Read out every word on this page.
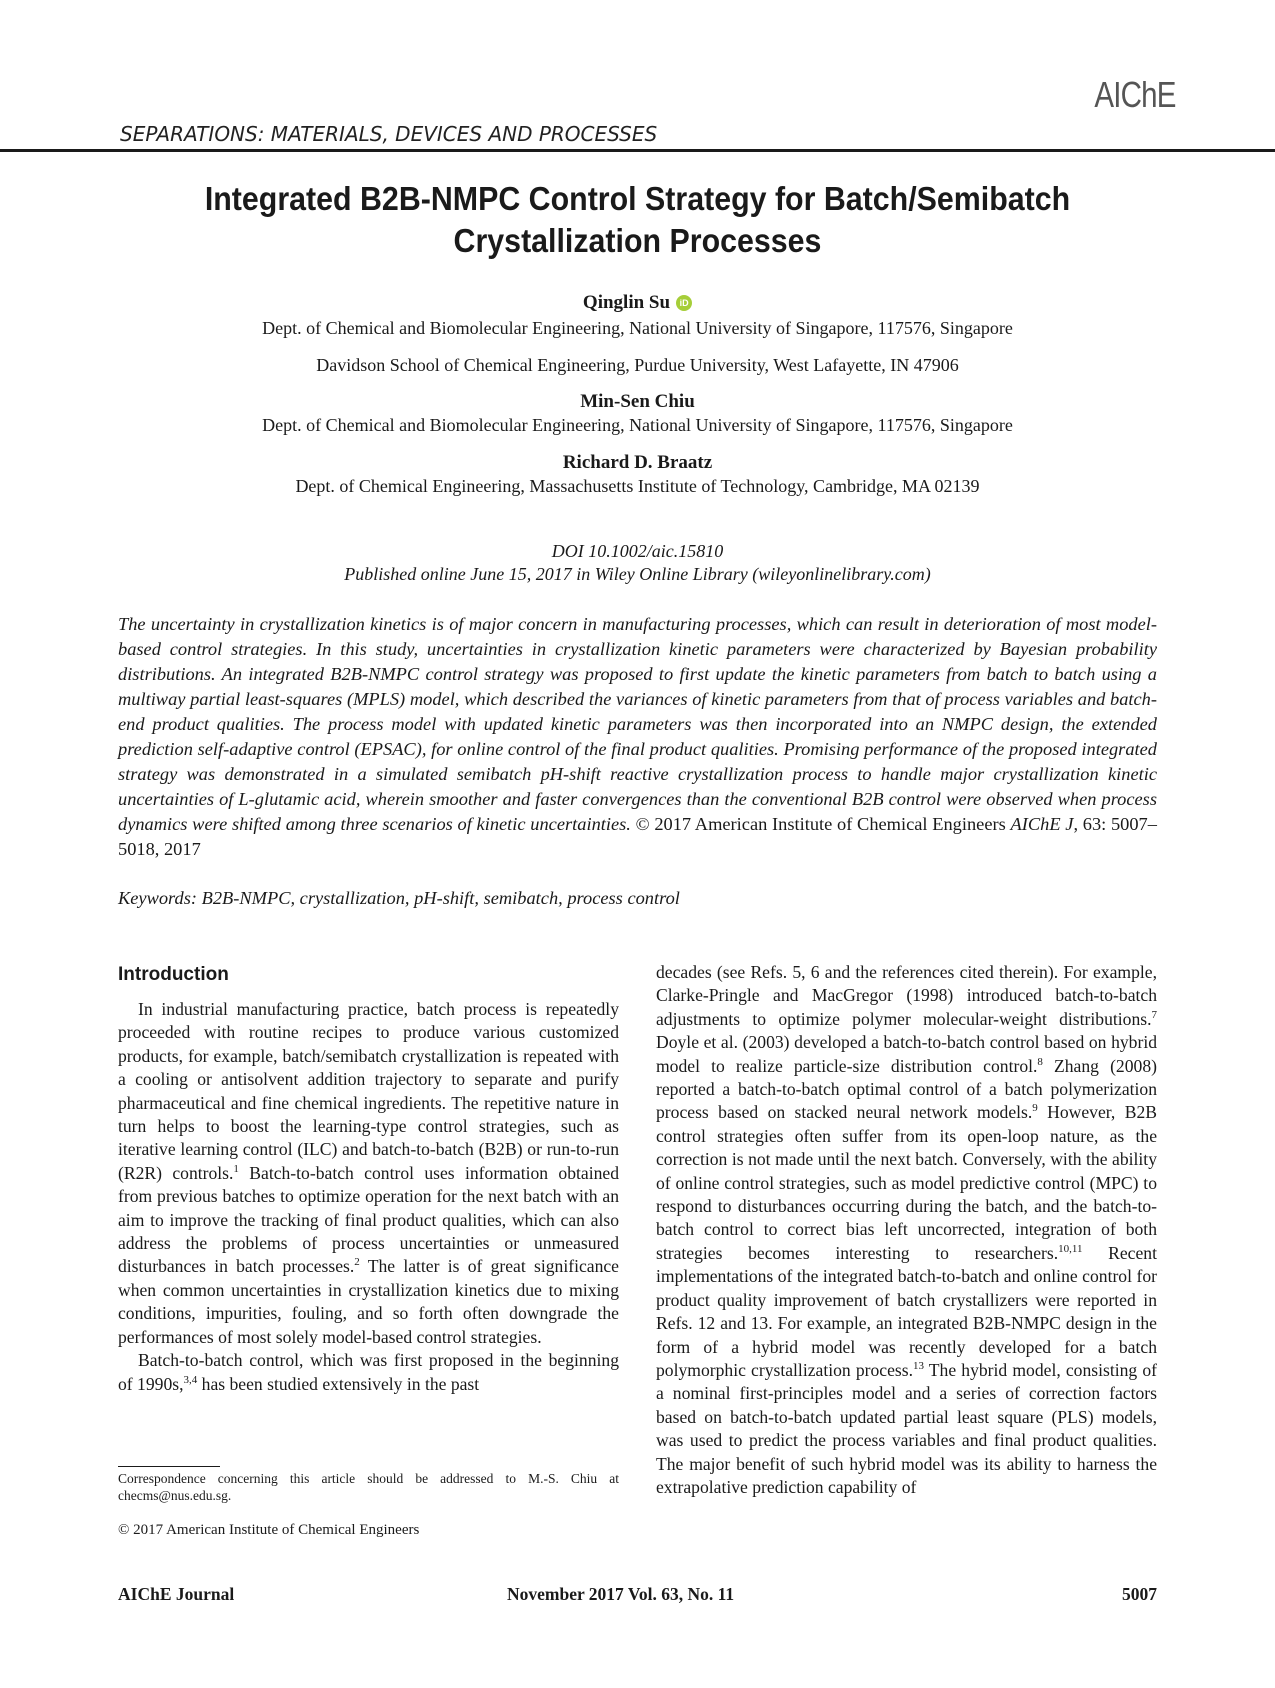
AIChE
SEPARATIONS: MATERIALS, DEVICES AND PROCESSES
Integrated B2B-NMPC Control Strategy for Batch/Semibatch
Crystallization Processes
Qinglin Su iD
Dept. of Chemical and Biomolecular Engineering, National University of Singapore, 117576, Singapore
Davidson School of Chemical Engineering, Purdue University, West Lafayette, IN 47906
Min-Sen Chiu
Dept. of Chemical and Biomolecular Engineering, National University of Singapore, 117576, Singapore
Richard D. Braatz
Dept. of Chemical Engineering, Massachusetts Institute of Technology, Cambridge, MA 02139
DOI 10.1002/aic.15810
Published online June 15, 2017 in Wiley Online Library (wileyonlinelibrary.com)
The uncertainty in crystallization kinetics is of major concern in manufacturing processes, which can result in deterioration of most model-based control strategies. In this study, uncertainties in crystallization kinetic parameters were characterized by Bayesian probability distributions. An integrated B2B-NMPC control strategy was proposed to first update the kinetic parameters from batch to batch using a multiway partial least-squares (MPLS) model, which described the variances of kinetic parameters from that of process variables and batch-end product qualities. The process model with updated kinetic parameters was then incorporated into an NMPC design, the extended prediction self-adaptive control (EPSAC), for online control of the final product qualities. Promising performance of the proposed integrated strategy was demonstrated in a simulated semibatch pH-shift reactive crystallization process to handle major crystallization kinetic uncertainties of L-glutamic acid, wherein smoother and faster convergences than the conventional B2B control were observed when process dynamics were shifted among three scenarios of kinetic uncertainties. © 2017 American Institute of Chemical Engineers AIChE J, 63: 5007–5018, 2017
Keywords: B2B-NMPC, crystallization, pH-shift, semibatch, process control
Introduction

In industrial manufacturing practice, batch process is repeatedly proceeded with routine recipes to produce various customized products, for example, batch/semibatch crystallization is repeated with a cooling or antisolvent addition trajectory to separate and purify pharmaceutical and fine chemical ingredients. The repetitive nature in turn helps to boost the learning-type control strategies, such as iterative learning control (ILC) and batch-to-batch (B2B) or run-to-run (R2R) controls.$^1$ Batch-to-batch control uses information obtained from previous batches to optimize operation for the next batch with an aim to improve the tracking of final product qualities, which can also address the problems of process uncertainties or unmeasured disturbances in batch processes.$^2$ The latter is of great significance when common uncertainties in crystallization kinetics due to mixing conditions, impurities, fouling, and so forth often downgrade the performances of most solely model-based control strategies.

Batch-to-batch control, which was first proposed in the beginning of 1990s,$^{3,4}$ has been studied extensively in the past

decades (see Refs. 5, 6 and the references cited therein). For example, Clarke-Pringle and MacGregor (1998) introduced batch-to-batch adjustments to optimize polymer molecular-weight distributions.$^7$ Doyle et al. (2003) developed a batch-to-batch control based on hybrid model to realize particle-size distribution control.$^8$ Zhang (2008) reported a batch-to-batch optimal control of a batch polymerization process based on stacked neural network models.$^9$ However, B2B control strategies often suffer from its open-loop nature, as the correction is not made until the next batch. Conversely, with the ability of online control strategies, such as model predictive control (MPC) to respond to disturbances occurring during the batch, and the batch-to-batch control to correct bias left uncorrected, integration of both strategies becomes interesting to researchers.$^{10,11}$ Recent implementations of the integrated batch-to-batch and online control for product quality improvement of batch crystallizers were reported in Refs. 12 and 13. For example, an integrated B2B-NMPC design in the form of a hybrid model was recently developed for a batch polymorphic crystallization process.$^{13}$ The hybrid model, consisting of a nominal first-principles model and a series of correction factors based on batch-to-batch updated partial least square (PLS) models, was used to predict the process variables and final product qualities. The major benefit of such hybrid model was its ability to harness the extrapolative prediction capability of

Correspondence concerning this article should be addressed to M.-S. Chiu at checms@nus.edu.sg.
© 2017 American Institute of Chemical Engineers
AIChE Journal	November 2017 Vol. 63, No. 11	5007
